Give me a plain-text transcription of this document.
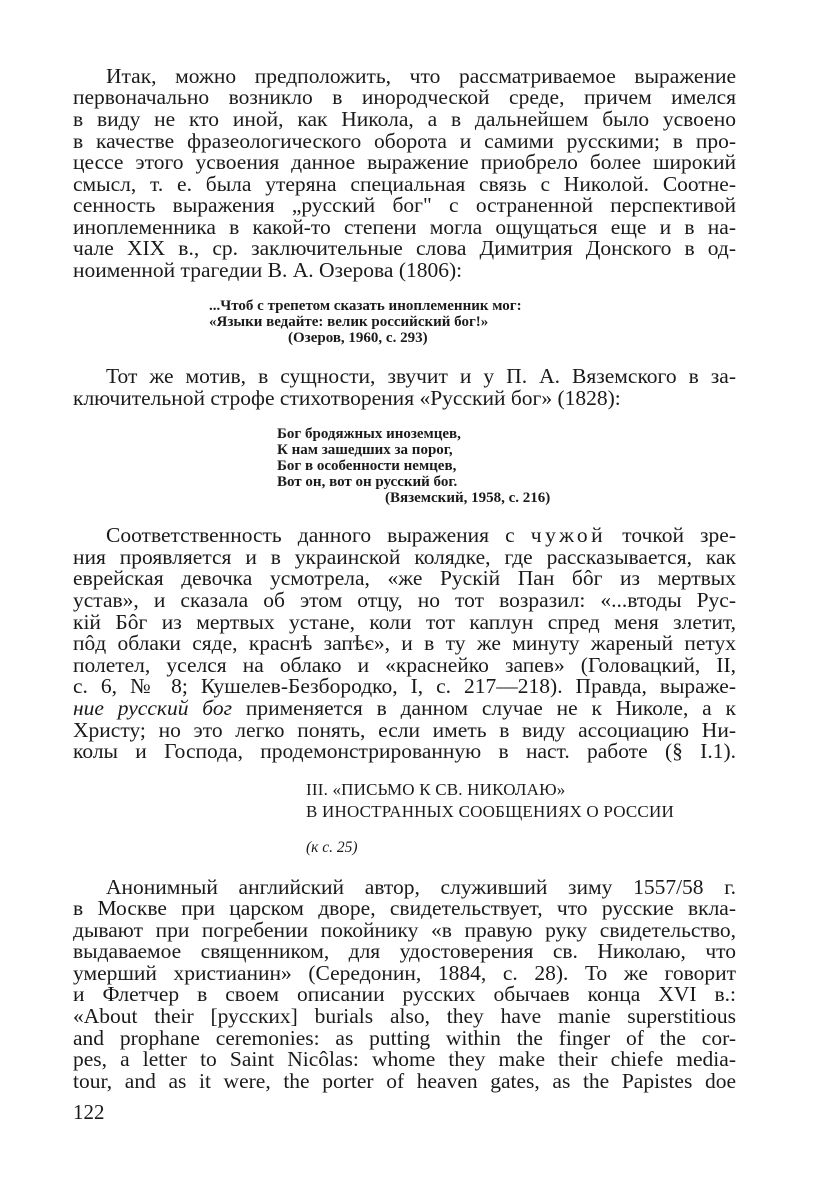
Итак, можно предположить, что рассматриваемое выражение
первоначально возникло в инородческой среде, причем имелся
в виду не кто иной, как Никола, а в дальнейшем было усвоено
в качестве фразеологического оборота и самими русскими; в про-
цессе этого усвоения данное выражение приобрело более широкий
смысл, т. е. была утеряна специальная связь с Николой. Соотне-
сенность выражения „русский бог" с остраненной перспективой
иноплеменника в какой-то степени могла ощущаться еще и в на-
чале XIX в., ср. заключительные слова Димитрия Донского в од-
ноименной трагедии В. А. Озерова (1806):
...Чтоб с трепетом сказать иноплеменник мог:
«Языки ведайте: велик российский бог!»
(Озеров, 1960, с. 293)
Тот же мотив, в сущности, звучит и у П. А. Вяземского в за-
ключительной строфе стихотворения «Русский бог» (1828):
Бог бродяжных иноземцев,
К нам зашедших за порог,
Бог в особенности немцев,
Вот он, вот он русский бог.
(Вяземский, 1958, с. 216)
Соответственность данного выражения с чужой точкой зре-
ния проявляется и в украинской колядке, где рассказывается, как
еврейская девочка усмотрела, «же Рускій Пан бôг из мертвых
устав», и сказала об этом отцу, но тот возразил: «...втоды Рус-
кій Бôг из мертвых устане, коли тот каплун спред меня злетит,
пôд облаки сяде, краснѣ запѣє», и в ту же минуту жареный петух
полетел, уселся на облако и «краснейко запев» (Головацкий, II,
с. 6, № 8; Кушелев-Безбородко, I, с. 217—218). Правда, выраже-
ние русский бог применяется в данном случае не к Николе, а к
Христу; но это легко понять, если иметь в виду ассоциацию Ни-
колы и Господа, продемонстрированную в наст. работе (§ I.1).
III. «ПИСЬМО К СВ. НИКОЛАЮ»
В ИНОСТРАННЫХ СООБЩЕНИЯХ О РОССИИ
(к с. 25)
Анонимный английский автор, служивший зиму 1557/58 г.
в Москве при царском дворе, свидетельствует, что русские вкла-
дывают при погребении покойнику «в правую руку свидетельство,
выдаваемое священником, для удостоверения св. Николаю, что
умерший христианин» (Середонин, 1884, с. 28). То же говорит
и Флетчер в своем описании русских обычаев конца XVI в.:
«About their [русских] burials also, they have manie superstitious
and prophane ceremonies: as putting within the finger of the cor-
pes, a letter to Saint Nicôlas: whome they make their chiefe media-
tour, and as it were, the porter of heaven gates, as the Papistes doe
122
